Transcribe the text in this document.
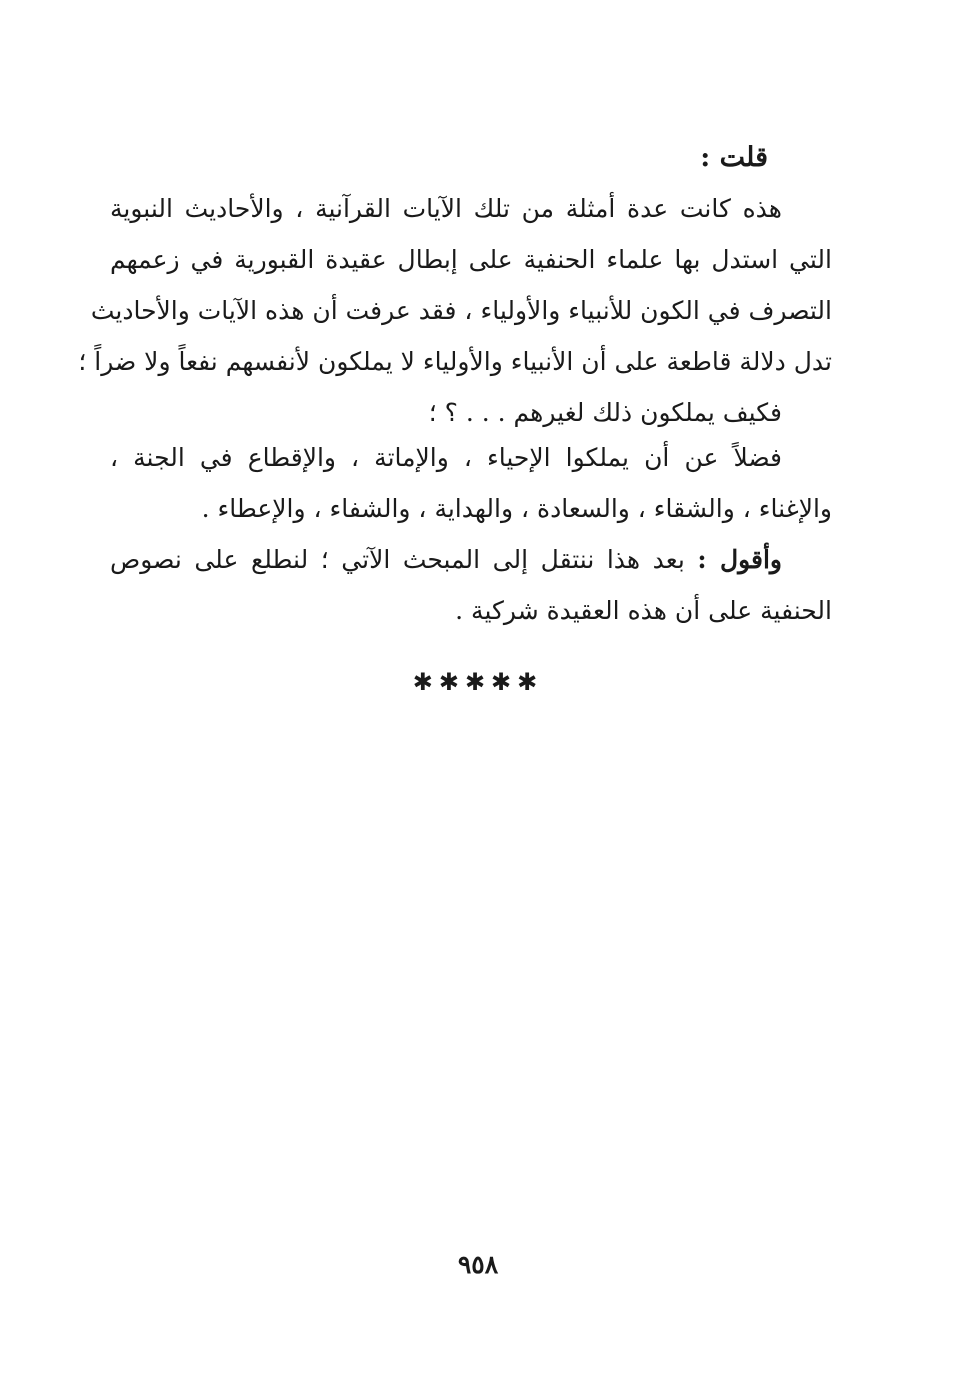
قلت :
هذه كانت عدة أمثلة من تلك الآيات القرآنية ، والأحاديث النبوية
التي استدل بها علماء الحنفية على إبطال عقيدة القبورية في زعمهم
التصرف في الكون للأنبياء والأولياء ، فقد عرفت أن هذه الآيات والأحاديث
تدل دلالة قاطعة على أن الأنبياء والأولياء لا يملكون لأنفسهم نفعاً ولا ضراً ؛
فكيف يملكون ذلك لغيرهم . . . ؟ ؛
فضلاً عن أن يملكوا الإحياء ، والإماتة ، والإقطاع في الجنة ،
والإغناء ، والشقاء ، والسعادة ، والهداية ، والشفاء ، والإعطاء .
وأقول : بعد هذا ننتقل إلى المبحث الآتي ؛ لنطلع على نصوص
الحنفية على أن هذه العقيدة شركية .
✱✱✱✱✱
٩٥٨
